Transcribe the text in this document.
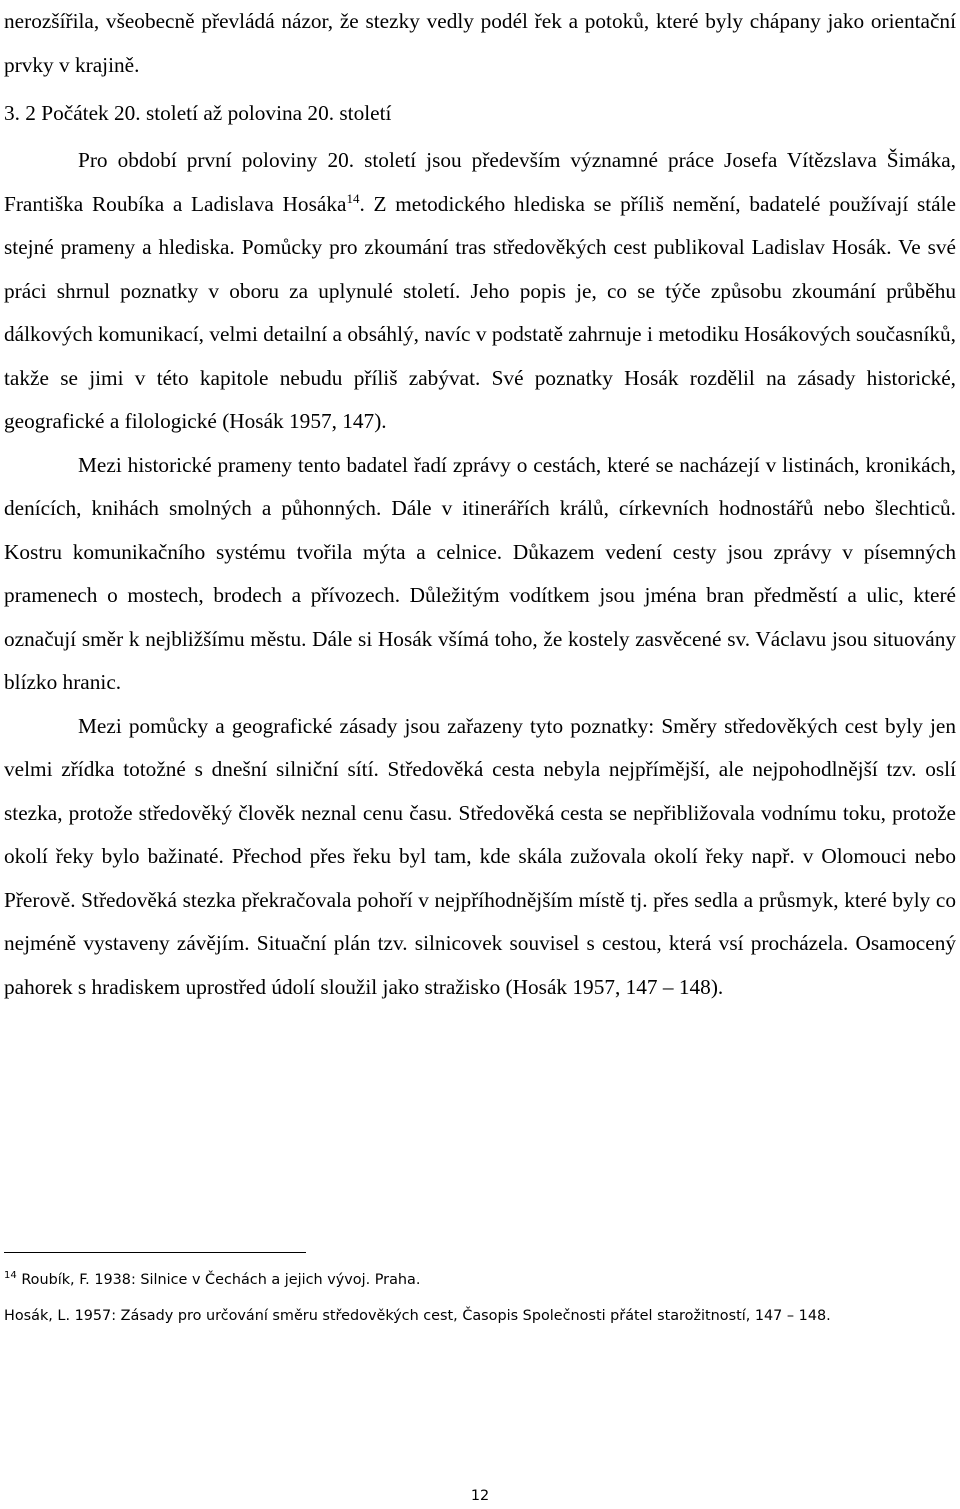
nerozšířila, všeobecně převládá názor, že stezky vedly podél řek a potoků, které byly chápany jako orientační prvky v krajině.

3. 2 Počátek 20. století až polovina 20. století

Pro období první poloviny 20. století jsou především významné práce Josefa Vítězslava Šimáka, Františka Roubíka a Ladislava Hosáka$^{14}$. Z metodického hlediska se příliš nemění, badatelé používají stále stejné prameny a hlediska. Pomůcky pro zkoumání tras středověkých cest publikoval Ladislav Hosák. Ve své práci shrnul poznatky v oboru za uplynulé století. Jeho popis je, co se týče způsobu zkoumání průběhu dálkových komunikací, velmi detailní a obsáhlý, navíc v podstatě zahrnuje i metodiku Hosákových současníků, takže se jimi v této kapitole nebudu příliš zabývat. Své poznatky Hosák rozdělil na zásady historické, geografické a filologické (Hosák 1957, 147).

Mezi historické prameny tento badatel řadí zprávy o cestách, které se nacházejí v listinách, kronikách, denících, knihách smolných a půhonných. Dále v itinerářích králů, církevních hodnostářů nebo šlechticů. Kostru komunikačního systému tvořila mýta a celnice. Důkazem vedení cesty jsou zprávy v písemných pramenech o mostech, brodech a přívozech. Důležitým vodítkem jsou jména bran předměstí a ulic, které označují směr k nejbližšímu městu. Dále si Hosák všímá toho, že kostely zasvěcené sv. Václavu jsou situovány blízko hranic.

Mezi pomůcky a geografické zásady jsou zařazeny tyto poznatky: Směry středověkých cest byly jen velmi zřídka totožné s dnešní silniční sítí. Středověká cesta nebyla nejpřímější, ale nejpohodlnější tzv. oslí stezka, protože středověký člověk neznal cenu času. Středověká cesta se nepřibližovala vodnímu toku, protože okolí řeky bylo bažinaté. Přechod přes řeku byl tam, kde skála zužovala okolí řeky např. v Olomouci nebo Přerově. Středověká stezka překračovala pohoří v nejpříhodnějším místě tj. přes sedla a průsmyk, které byly co nejméně vystaveny závějím. Situační plán tzv. silnicovek souvisel s cestou, která vsí procházela. Osamocený pahorek s hradiskem uprostřed údolí sloužil jako stražisko (Hosák 1957, 147 – 148).

$^{14}$ Roubík, F. 1938: Silnice v Čechách a jejich vývoj. Praha.

Hosák, L. 1957: Zásady pro určování směru středověkých cest, Časopis Společnosti přátel starožitností, 147 – 148.

12
